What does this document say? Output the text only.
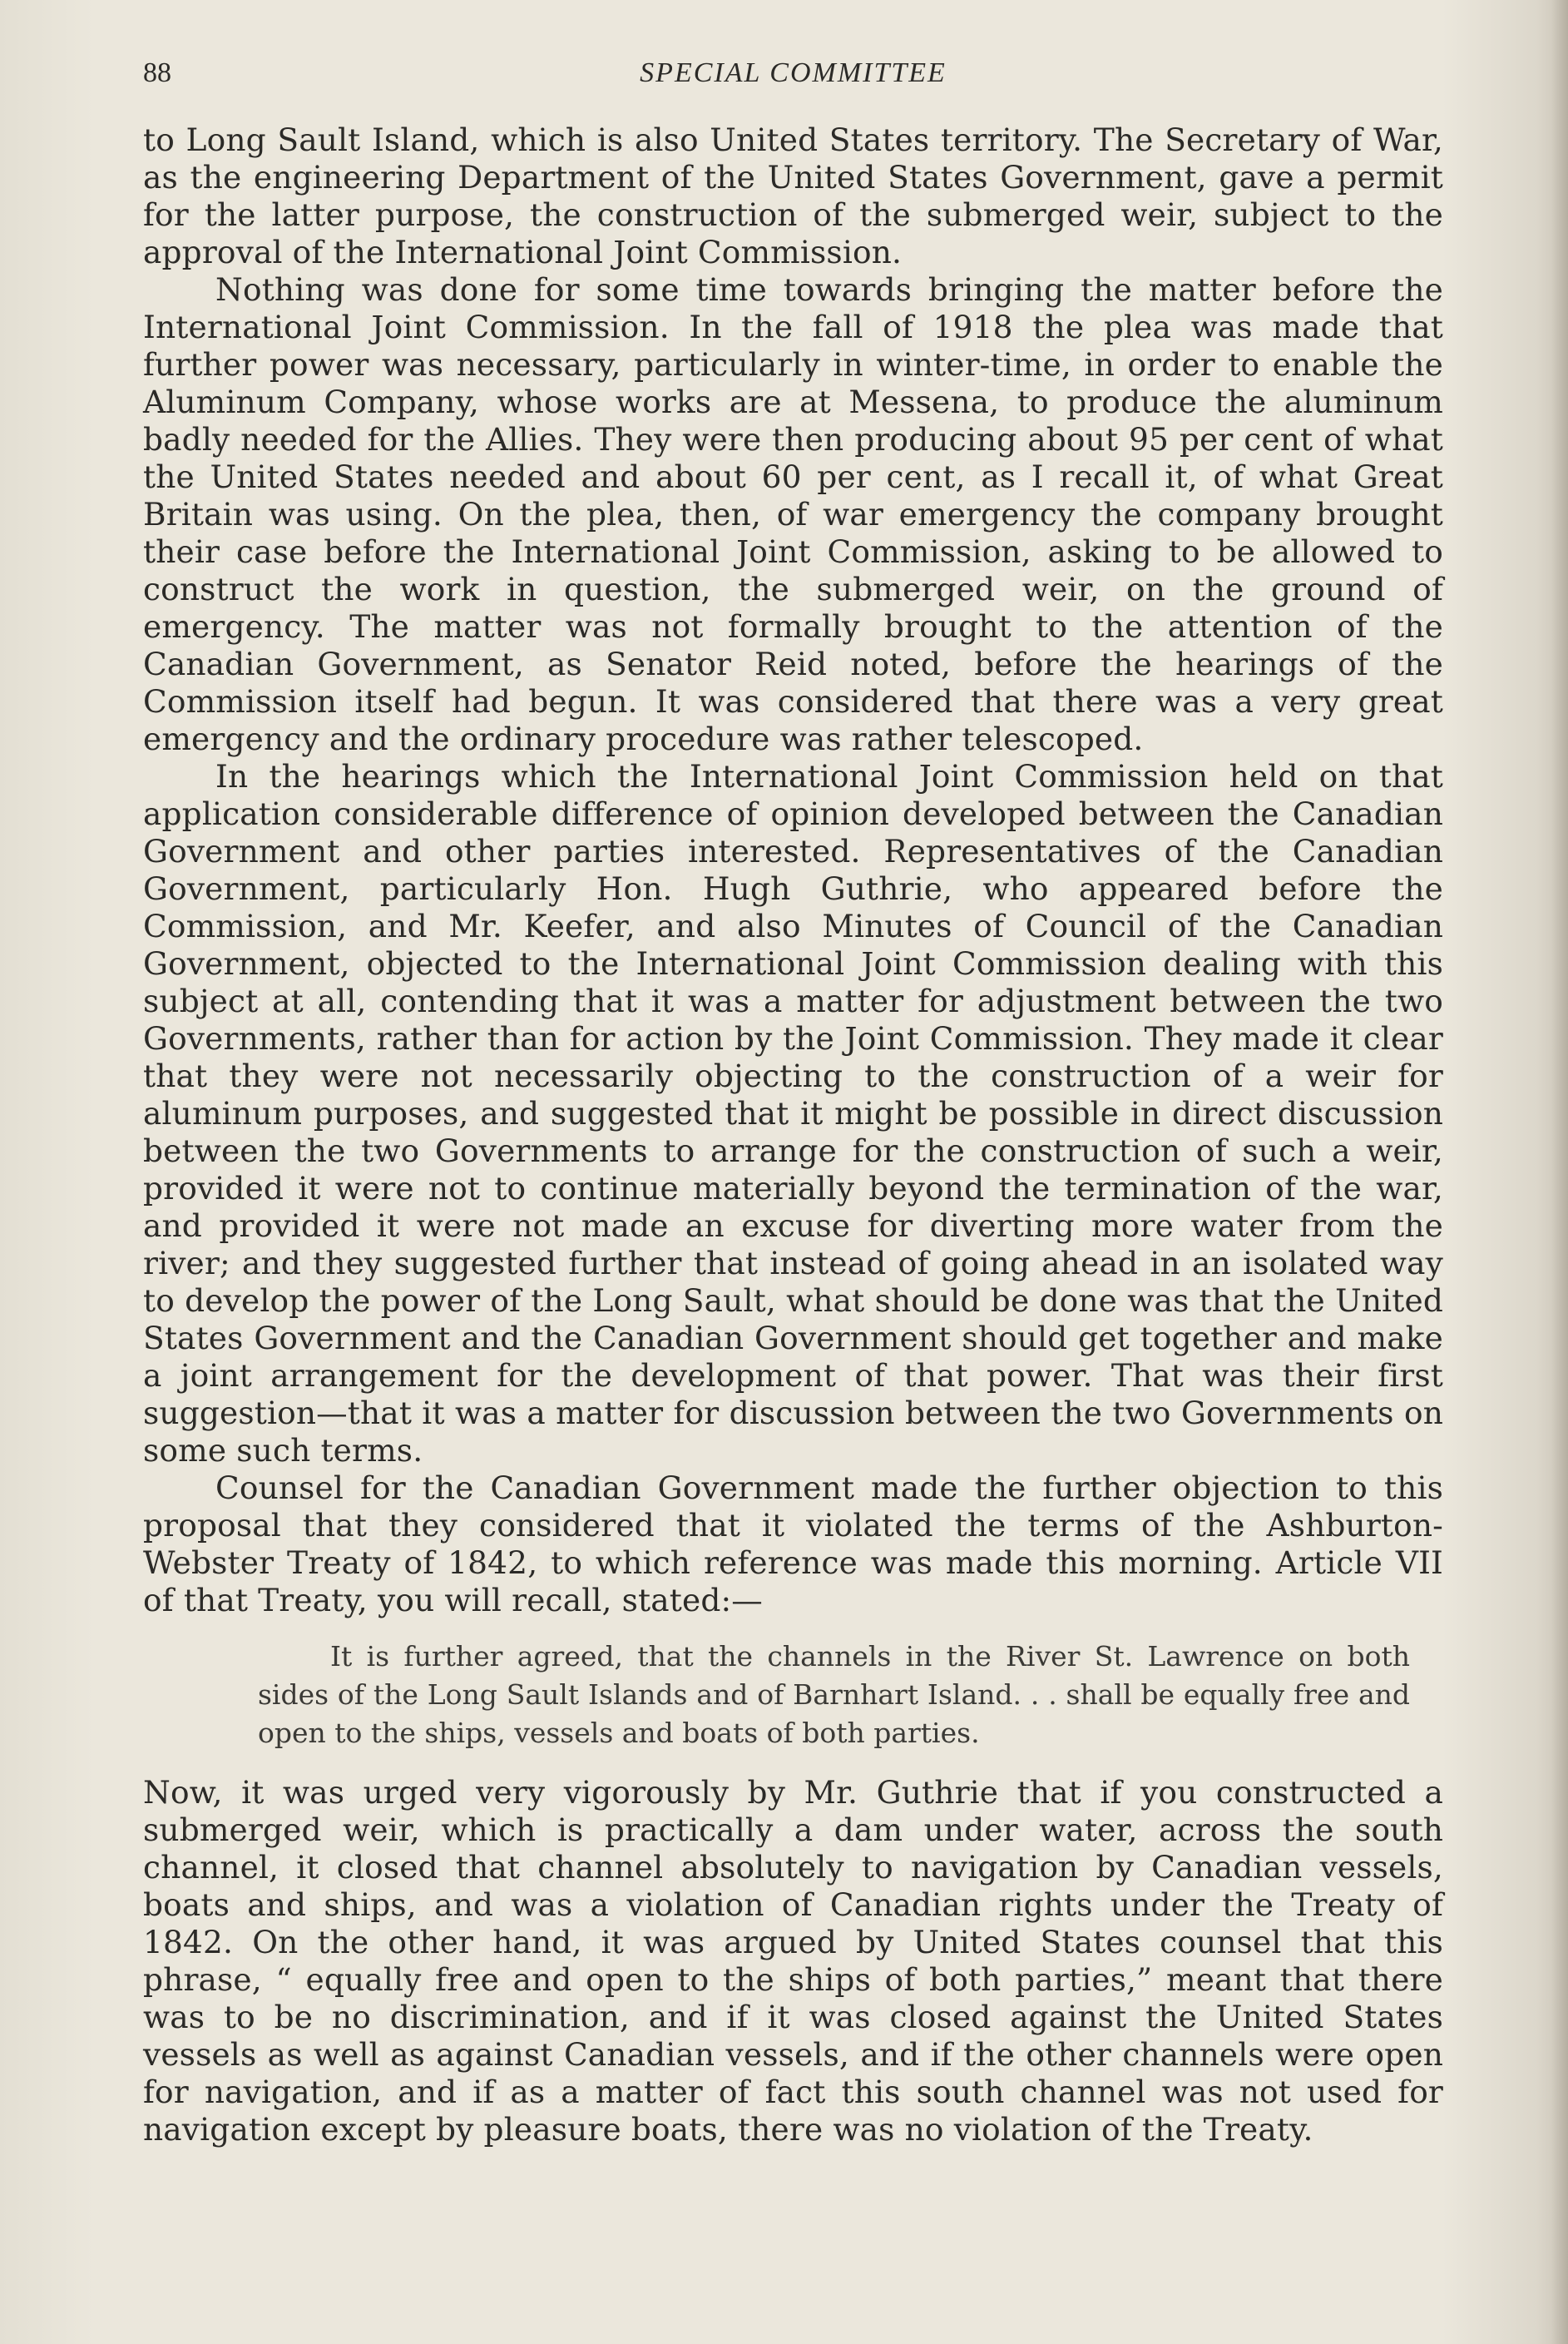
88	SPECIAL COMMITTEE

to Long Sault Island, which is also United States territory. The Secretary of War, as the engineering Department of the United States Government, gave a permit for the latter purpose, the construction of the submerged weir, subject to the approval of the International Joint Commission.

Nothing was done for some time towards bringing the matter before the International Joint Commission. In the fall of 1918 the plea was made that further power was necessary, particularly in winter-time, in order to enable the Aluminum Company, whose works are at Messena, to produce the aluminum badly needed for the Allies. They were then producing about 95 per cent of what the United States needed and about 60 per cent, as I recall it, of what Great Britain was using. On the plea, then, of war emergency the company brought their case before the International Joint Commission, asking to be allowed to construct the work in question, the submerged weir, on the ground of emergency. The matter was not formally brought to the attention of the Canadian Government, as Senator Reid noted, before the hearings of the Commission itself had begun. It was considered that there was a very great emergency and the ordinary procedure was rather telescoped.

In the hearings which the International Joint Commission held on that application considerable difference of opinion developed between the Canadian Government and other parties interested. Representatives of the Canadian Government, particularly Hon. Hugh Guthrie, who appeared before the Commission, and Mr. Keefer, and also Minutes of Council of the Canadian Government, objected to the International Joint Commission dealing with this subject at all, contending that it was a matter for adjustment between the two Governments, rather than for action by the Joint Commission. They made it clear that they were not necessarily objecting to the construction of a weir for aluminum purposes, and suggested that it might be possible in direct discussion between the two Governments to arrange for the construction of such a weir, provided it were not to continue materially beyond the termination of the war, and provided it were not made an excuse for diverting more water from the river; and they suggested further that instead of going ahead in an isolated way to develop the power of the Long Sault, what should be done was that the United States Government and the Canadian Government should get together and make a joint arrangement for the development of that power. That was their first suggestion—that it was a matter for discussion between the two Governments on some such terms.

Counsel for the Canadian Government made the further objection to this proposal that they considered that it violated the terms of the Ashburton-Webster Treaty of 1842, to which reference was made this morning. Article VII of that Treaty, you will recall, stated:—

It is further agreed, that the channels in the River St. Lawrence on both sides of the Long Sault Islands and of Barnhart Island. . . shall be equally free and open to the ships, vessels and boats of both parties.

Now, it was urged very vigorously by Mr. Guthrie that if you constructed a submerged weir, which is practically a dam under water, across the south channel, it closed that channel absolutely to navigation by Canadian vessels, boats and ships, and was a violation of Canadian rights under the Treaty of 1842. On the other hand, it was argued by United States counsel that this phrase, “ equally free and open to the ships of both parties,” meant that there was to be no discrimination, and if it was closed against the United States vessels as well as against Canadian vessels, and if the other channels were open for navigation, and if as a matter of fact this south channel was not used for navigation except by pleasure boats, there was no violation of the Treaty.
